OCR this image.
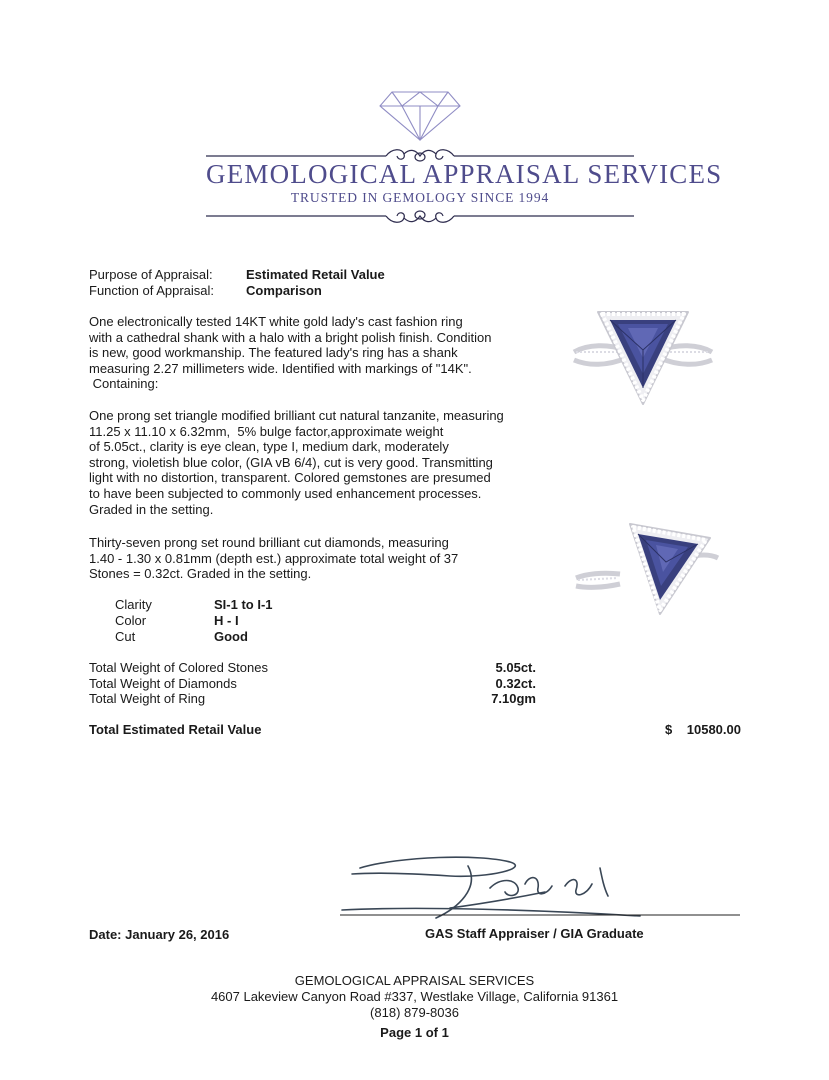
GEMOLOGICAL APPRAISAL SERVICES
TRUSTED IN GEMOLOGY SINCE 1994
Purpose of Appraisal:	Estimated Retail Value
Function of Appraisal: Comparison
One electronically tested 14KT white gold lady's cast fashion ring
with a cathedral shank with a halo with a bright polish finish. Condition
is new, good workmanship. The featured lady's ring has a shank
measuring 2.27 millimeters wide. Identified with markings of "14K".
Containing:
One prong set triangle modified brilliant cut natural tanzanite, measuring
11.25 x 11.10 x 6.32mm,  5% bulge factor,approximate weight
of 5.05ct., clarity is eye clean, type I, medium dark, moderately
strong, violetish blue color, (GIA vB 6/4), cut is very good. Transmitting
light with no distortion, transparent. Colored gemstones are presumed
to have been subjected to commonly used enhancement processes.
Graded in the setting.
Thirty-seven prong set round brilliant cut diamonds, measuring
1.40 - 1.30 x 0.81mm (depth est.) approximate total weight of 37
Stones = 0.32ct. Graded in the setting.
Clarity	SI-1 to I-1
Color	H - I
Cut	Good
Total Weight of Colored Stones	5.05ct.
Total Weight of Diamonds	0.32ct.
Total Weight of Ring	7.10gm
Total Estimated Retail Value	$	10580.00
Date: January 26, 2016	GAS Staff Appraiser / GIA Graduate
GEMOLOGICAL APPRAISAL SERVICES
4607 Lakeview Canyon Road #337, Westlake Village, California 91361
(818) 879-8036
Page 1 of 1
